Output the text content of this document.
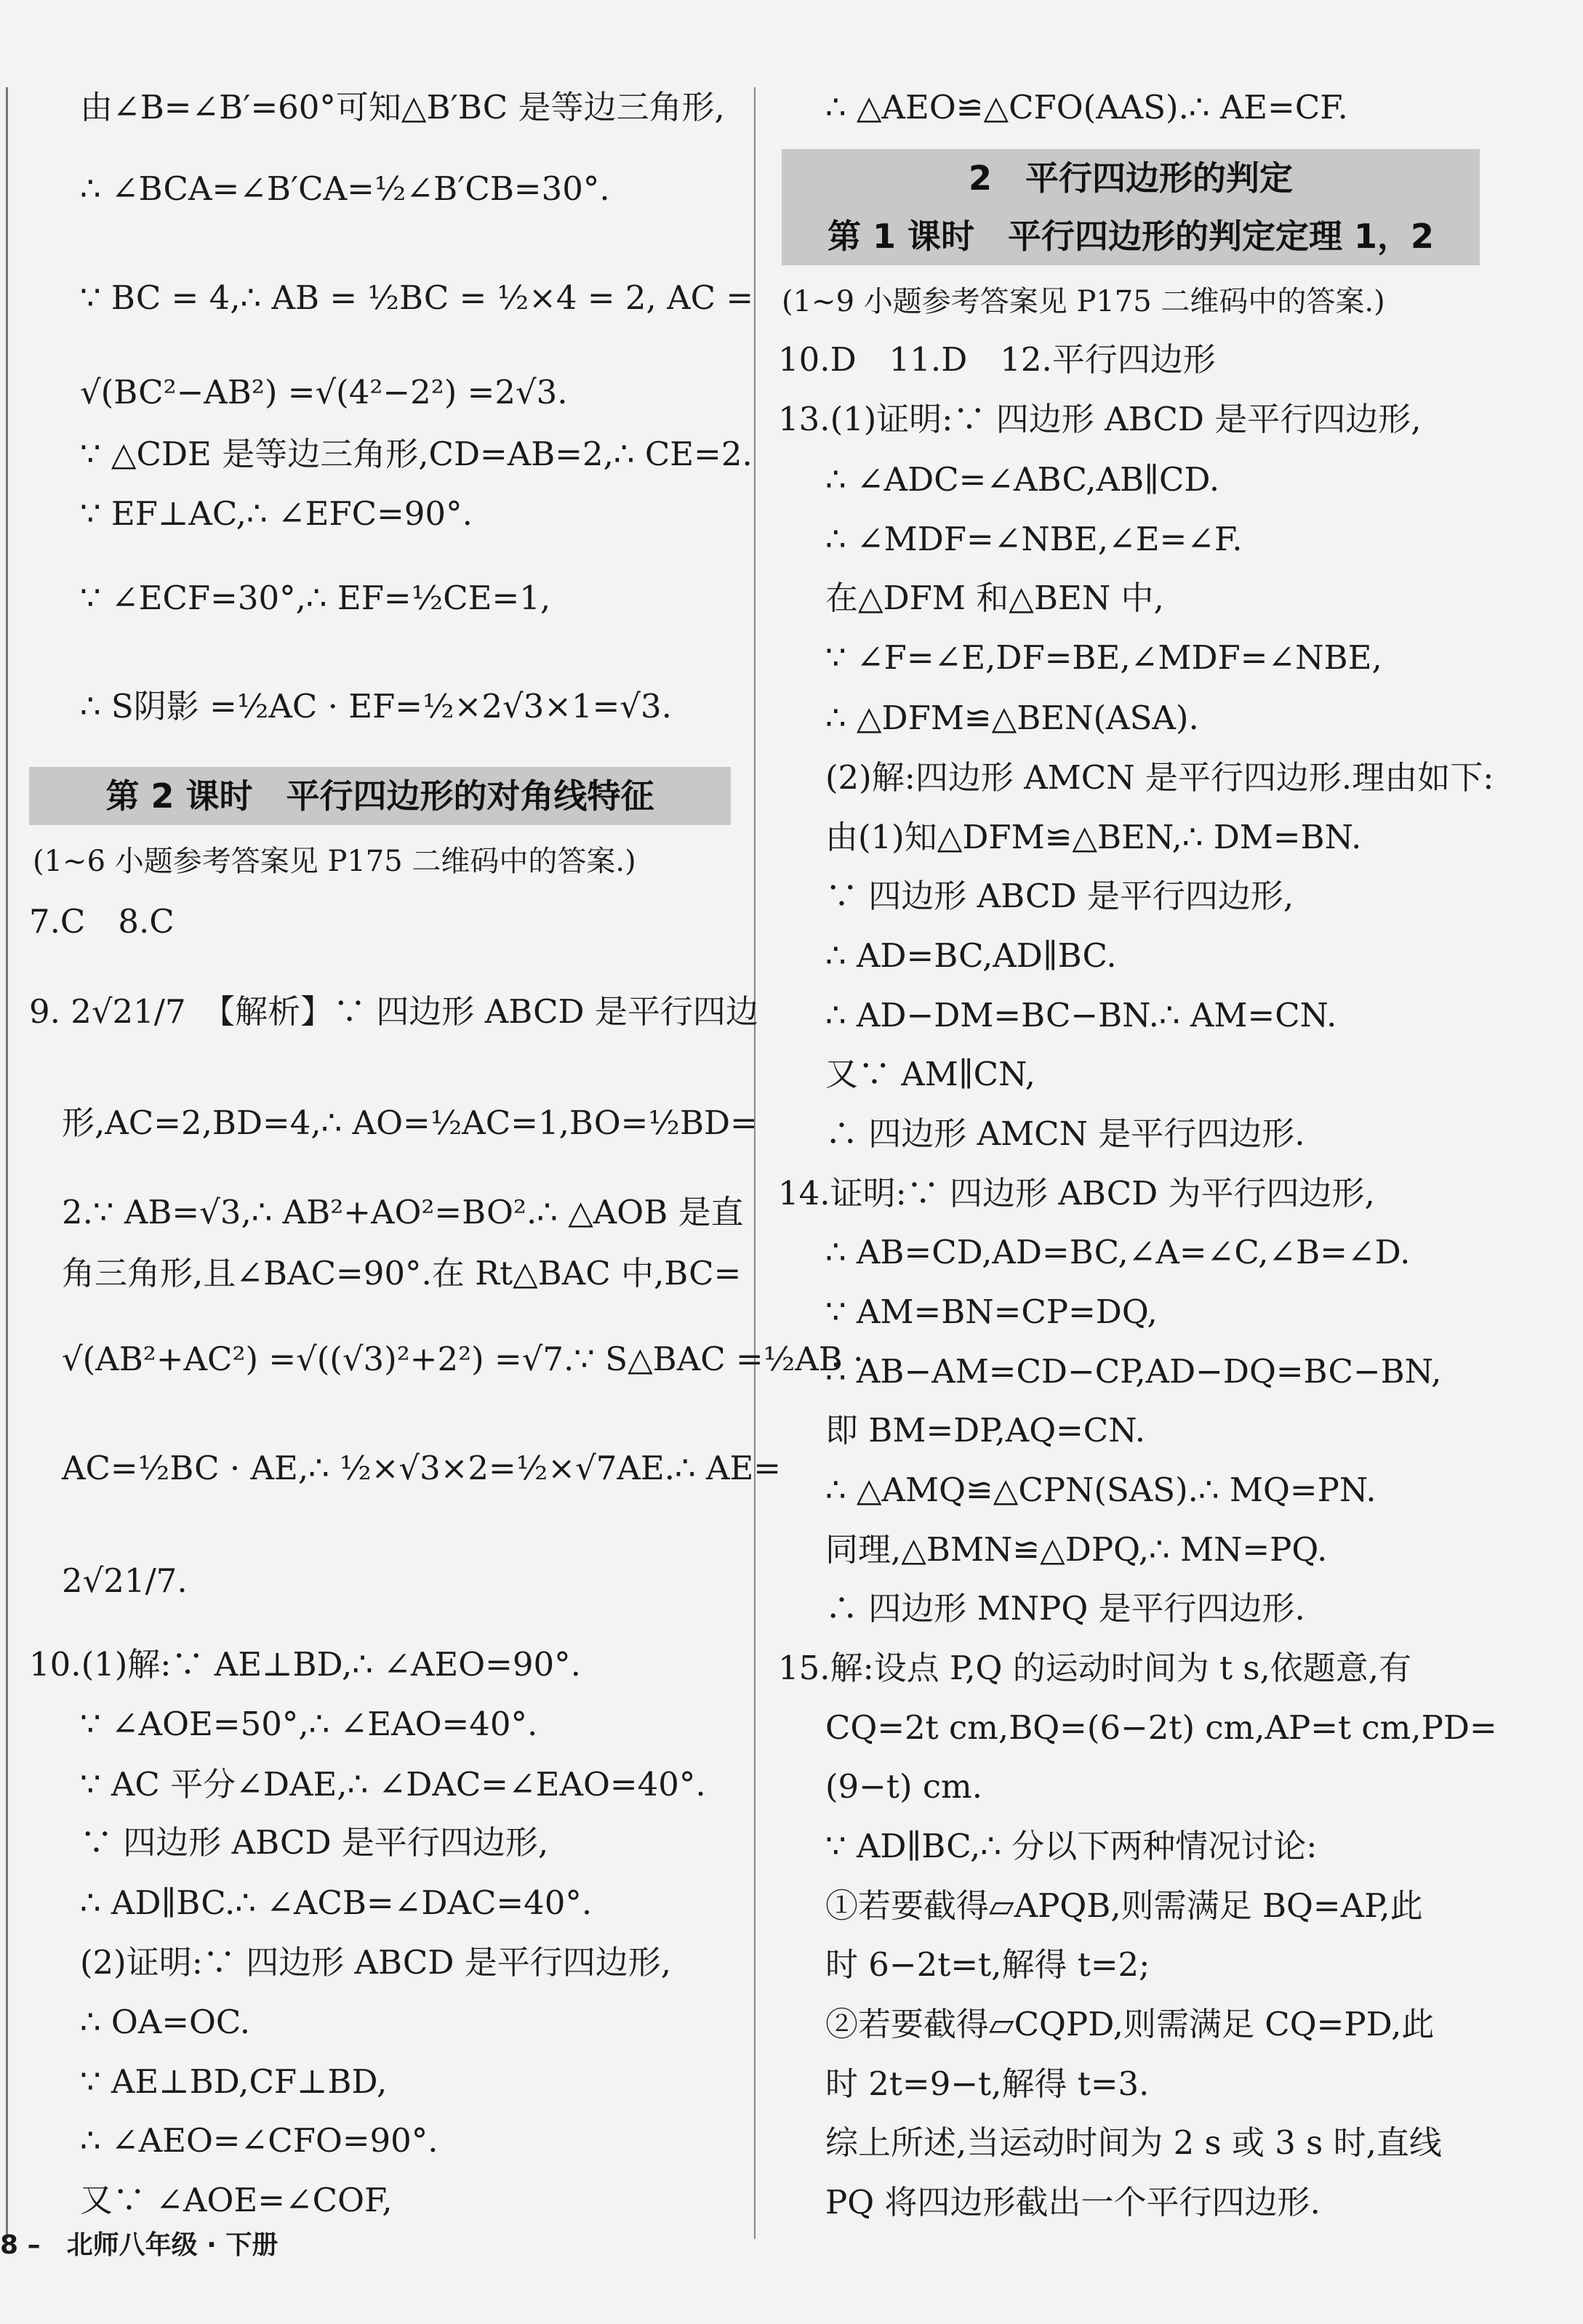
由∠B=∠B′=60°可知△B′BC 是等边三角形,
∴ ∠BCA=∠B′CA=½∠B′CB=30°.
∵ BC = 4,∴ AB = ½BC = ½×4 = 2, AC =
√(BC²−AB²) =√(4²−2²) =2√3.
∵ △CDE 是等边三角形,CD=AB=2,∴ CE=2.
∵ EF⊥AC,∴ ∠EFC=90°.
∵ ∠ECF=30°,∴ EF=½CE=1,
∴ S阴影 =½AC · EF=½×2√3×1=√3.
第 2 课时　平行四边形的对角线特征
(1~6 小题参考答案见 P175 二维码中的答案.)
7.C　8.C
9. 2√21/7　【解析】∵ 四边形 ABCD 是平行四边
形,AC=2,BD=4,∴ AO=½AC=1,BO=½BD=
2.∵ AB=√3,∴ AB²+AO²=BO².∴ △AOB 是直
角三角形,且∠BAC=90°.在 Rt△BAC 中,BC=
√(AB²+AC²) =√((√3)²+2²) =√7.∵ S△BAC =½AB ·
AC=½BC · AE,∴ ½×√3×2=½×√7AE.∴ AE=
2√21/7.
10.(1)解:∵ AE⊥BD,∴ ∠AEO=90°.
∵ ∠AOE=50°,∴ ∠EAO=40°.
∵ AC 平分∠DAE,∴ ∠DAC=∠EAO=40°.
∵ 四边形 ABCD 是平行四边形,
∴ AD∥BC.∴ ∠ACB=∠DAC=40°.
(2)证明:∵ 四边形 ABCD 是平行四边形,
∴ OA=OC.
∵ AE⊥BD,CF⊥BD,
∴ ∠AEO=∠CFO=90°.
又∵ ∠AOE=∠COF,
∴ △AEO≌△CFO(AAS).∴ AE=CF.
2　平行四边形的判定
第 1 课时　平行四边形的判定定理 1，2
(1~9 小题参考答案见 P175 二维码中的答案.)
10.D　11.D　12.平行四边形
13.(1)证明:∵ 四边形 ABCD 是平行四边形,
∴ ∠ADC=∠ABC,AB∥CD.
∴ ∠MDF=∠NBE,∠E=∠F.
在△DFM 和△BEN 中,
∵ ∠F=∠E,DF=BE,∠MDF=∠NBE,
∴ △DFM≌△BEN(ASA).
(2)解:四边形 AMCN 是平行四边形.理由如下:
由(1)知△DFM≌△BEN,∴ DM=BN.
∵ 四边形 ABCD 是平行四边形,
∴ AD=BC,AD∥BC.
∴ AD−DM=BC−BN.∴ AM=CN.
又∵ AM∥CN,
∴ 四边形 AMCN 是平行四边形.
14.证明:∵ 四边形 ABCD 为平行四边形,
∴ AB=CD,AD=BC,∠A=∠C,∠B=∠D.
∵ AM=BN=CP=DQ,
∴ AB−AM=CD−CP,AD−DQ=BC−BN,
即 BM=DP,AQ=CN.
∴ △AMQ≌△CPN(SAS).∴ MQ=PN.
同理,△BMN≌△DPQ,∴ MN=PQ.
∴ 四边形 MNPQ 是平行四边形.
15.解:设点 P,Q 的运动时间为 t s,依题意,有
CQ=2t cm,BQ=(6−2t) cm,AP=t cm,PD=
(9−t) cm.
∵ AD∥BC,∴ 分以下两种情况讨论:
①若要截得▱APQB,则需满足 BQ=AP,此
时 6−2t=t,解得 t=2;
②若要截得▱CQPD,则需满足 CQ=PD,此
时 2t=9−t,解得 t=3.
综上所述,当运动时间为 2 s 或 3 s 时,直线
PQ 将四边形截出一个平行四边形.
8 –　北师八年级 · 下册
